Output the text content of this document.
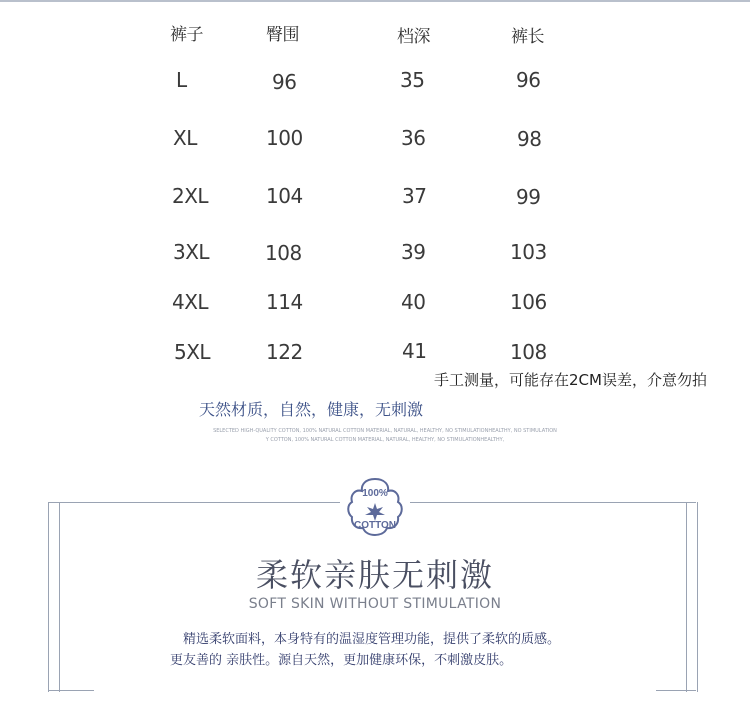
裤子	臀围	档深	裤长
L	96	35	96
XL	100	36	98
2XL	104	37	99
3XL	108	39	103
4XL	114	40	106
5XL	122	41	108
手工测量，可能存在2CM误差，介意勿拍
天然材质，自然，健康，无刺激
SELECTED HIGH-QUALITY COTTON, 100% NATURAL COTTON MATERIAL, NATURAL, HEALTHY, NO STIMULATIONHEALTHY, NO STIMULATION
Y COTTON, 100% NATURAL COTTON MATERIAL, NATURAL, HEALTHY, NO STIMULATIONHEALTHY,
100%
COTTON
柔软亲肤无刺激
SOFT SKIN WITHOUT STIMULATION
精选柔软面料，本身特有的温湿度管理功能，提供了柔软的质感。
更友善的 亲肤性。源自天然，更加健康环保，不刺激皮肤。
